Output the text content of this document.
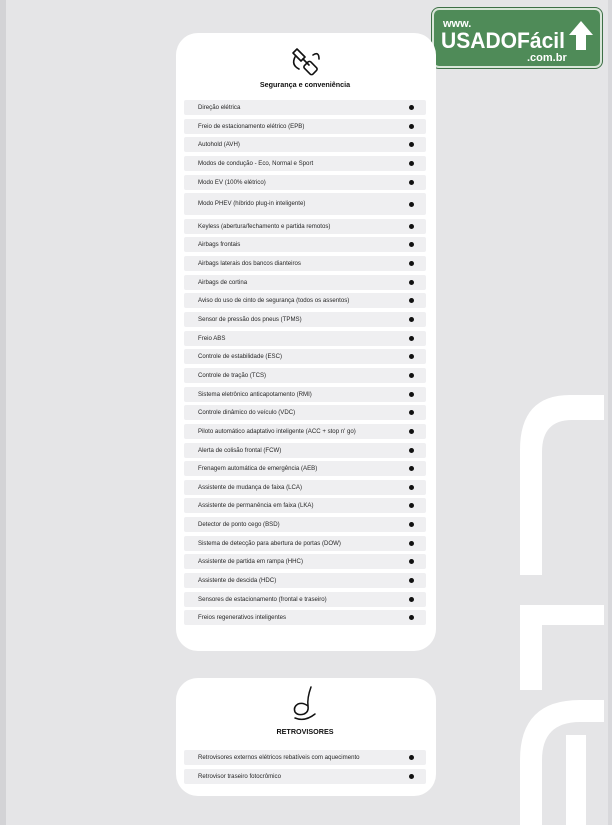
www.
USADOFácil
.com.br
Segurança e conveniência
Direção elétrica
Freio de estacionamento elétrico (EPB)
Autohold (AVH)
Modos de condução - Eco, Normal e Sport
Modo EV (100% elétrico)
Modo PHEV (híbrido plug-in inteligente)
Keyless (abertura/fechamento e partida remotos)
Airbags frontais
Airbags laterais dos bancos dianteiros
Airbags de cortina
Aviso do uso de cinto de segurança (todos os assentos)
Sensor de pressão dos pneus (TPMS)
Freio ABS
Controle de estabilidade (ESC)
Controle de tração (TCS)
Sistema eletrônico anticapotamento (RMI)
Controle dinâmico do veículo (VDC)
Piloto automático adaptativo inteligente (ACC + stop n' go)
Alerta de colisão frontal (FCW)
Frenagem automática de emergência (AEB)
Assistente de mudança de faixa (LCA)
Assistente de permanência em faixa (LKA)
Detector de ponto cego (BSD)
Sistema de detecção para abertura de portas (DOW)
Assistente de partida em rampa (HHC)
Assistente de descida (HDC)
Sensores de estacionamento (frontal e traseiro)
Freios regenerativos inteligentes
RETROVISORES
Retrovisores externos elétricos rebatíveis com aquecimento
Retrovisor traseiro fotocrômico
